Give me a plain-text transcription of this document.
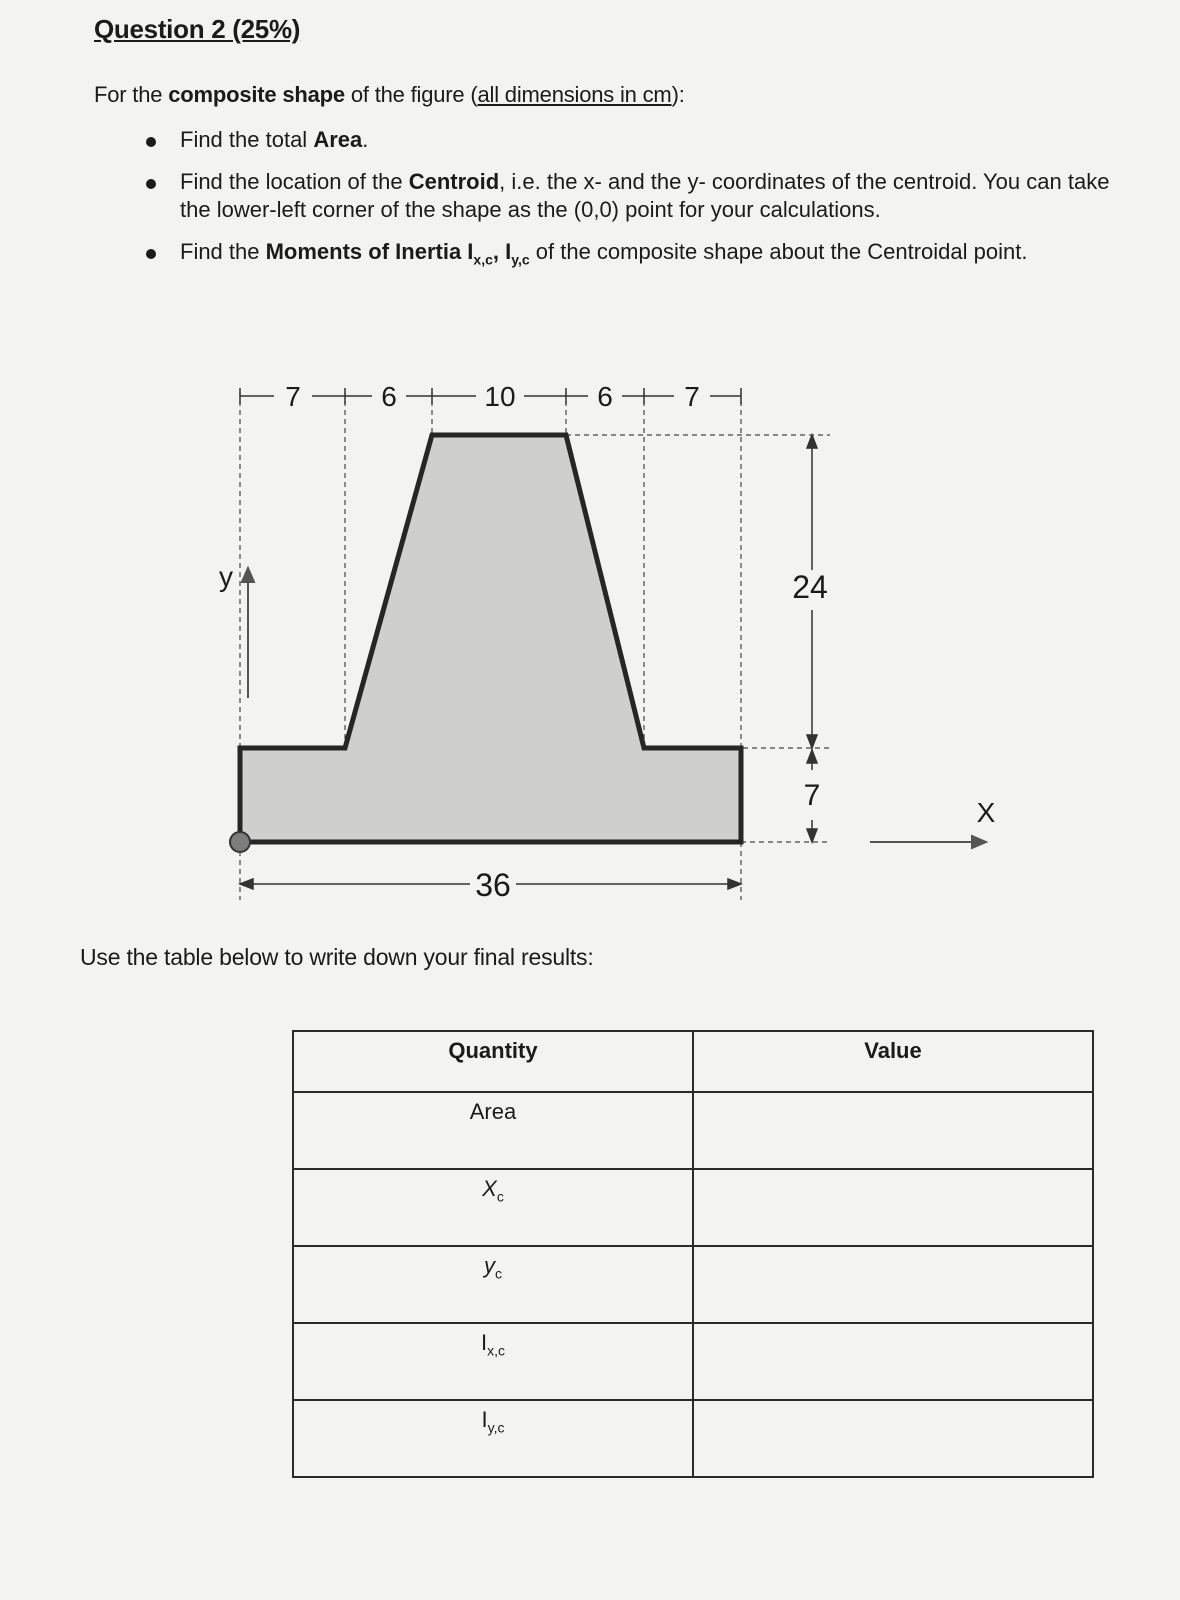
Question 2 (25%)
For the composite shape of the figure (all dimensions in cm):
Find the total Area.
Find the location of the Centroid, i.e. the x- and the y- coordinates of the centroid. You can take the lower-left corner of the shape as the (0,0) point for your calculations.
Find the Moments of Inertia $I_{x,c}$, $I_{y,c}$ of the composite shape about the Centroidal point.
7	6	10	6	7
24
7
36
y
X
Use the table below to write down your final results:
Quantity	Value
Area	
$X_c$	
$y_c$	
$I_{x,c}$	
$I_{y,c}$	
